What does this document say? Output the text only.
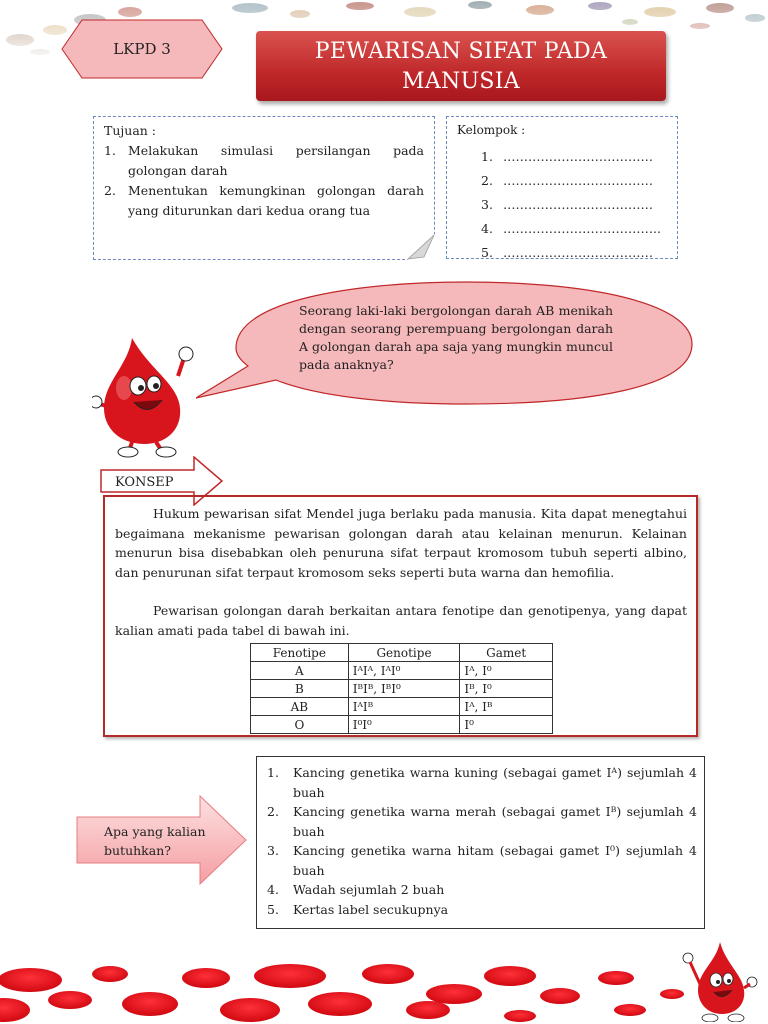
LKPD 3	PEWARISAN SIFAT PADA
MANUSIA
Tujuan :
1. Melakukan simulasi persilangan pada golongan darah
2. Menentukan kemungkinan golongan darah yang diturunkan dari kedua orang tua
Kelompok :
1. ………………………………
2. ………………………………
3. ………………………………
4. ………………………………..
5. ………………………………
Seorang laki-laki bergolongan darah AB menikah dengan seorang perempuang bergolongan darah A golongan darah apa saja yang mungkin muncul pada anaknya?
KONSEP

Hukum pewarisan sifat Mendel juga berlaku pada manusia. Kita dapat menegtahui begaimana mekanisme pewarisan golongan darah atau kelainan menurun. Kelainan menurun bisa disebabkan oleh penuruna sifat terpaut kromosom tubuh seperti albino, dan penurunan sifat terpaut kromosom seks seperti buta warna dan hemofilia.

Pewarisan golongan darah berkaitan antara fenotipe dan genotipenya, yang dapat kalian amati pada tabel di bawah ini.

Fenotipe	Genotipe	Gamet
A	IᴬIᴬ, IᴬI⁰	Iᴬ, I⁰
B	IᴮIᴮ, IᴮI⁰	Iᴮ, I⁰
AB	IᴬIᴮ	Iᴬ, Iᴮ
O	I⁰I⁰	I⁰
Apa yang kalian butuhkan?
1.	Kancing genetika warna kuning (sebagai gamet Iᴬ) sejumlah 4 buah
2.	Kancing genetika warna merah (sebagai gamet Iᴮ) sejumlah 4 buah
3.	Kancing genetika warna hitam (sebagai gamet I⁰) sejumlah 4 buah
4.	Wadah sejumlah 2 buah
5.	Kertas label secukupnya
